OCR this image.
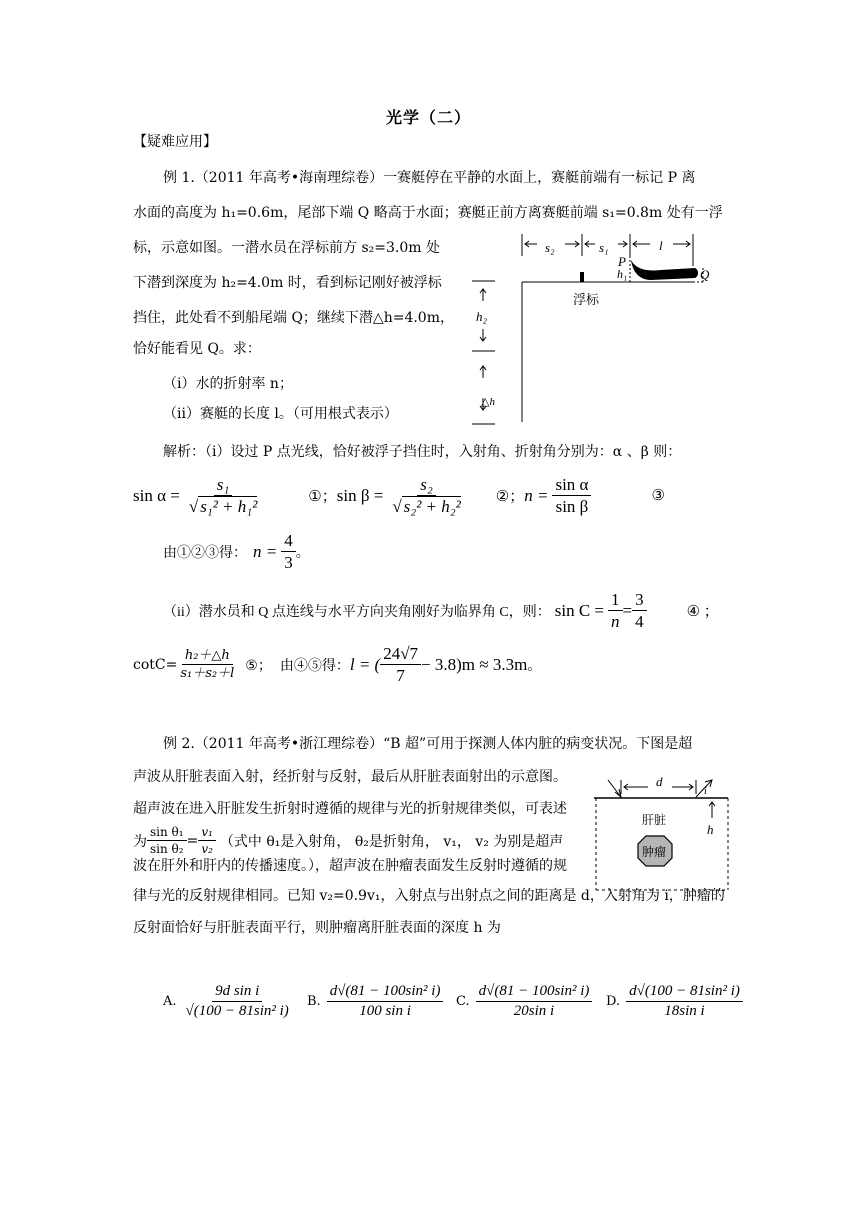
光学（二）
【疑难应用】
例 1.（2011 年高考•海南理综卷）一赛艇停在平静的水面上，赛艇前端有一标记 P 离
水面的高度为 h₁=0.6m，尾部下端 Q 略高于水面；赛艇正前方离赛艇前端 s₁=0.8m 处有一浮
标，示意如图。一潜水员在浮标前方 s₂=3.0m 处
下潜到深度为 h₂=4.0m 时，看到标记刚好被浮标
挡住，此处看不到船尾端 Q；继续下潜△h=4.0m，
恰好能看见 Q。求：
（i）水的折射率 n；
（ii）赛艇的长度 l。（可用根式表示）
s₂	s₁	l
P
h₁	Q
浮标
h₂
△h
解析：（i）设过 P 点光线，恰好被浮子挡住时，入射角、折射角分别为：α 、β 则：
$\sin \alpha = \frac{\text{s₁}}{\text{√ s₁² + h₁²}}$	①； $\sin \beta = \frac{\text{s₂}}{\text{√ s₂² + h₂²}}$ ②； $n = \frac{\text{sin α}}{\text{sin β}}$	③
由①②③得： $n = \frac{4}{3}$ 。
（ii）潜水员和 Q 点连线与水平方向夹角刚好为临界角 C，则： $\sin C = \frac{1}{n} = \frac{3}{4}$	④ ；
$\cot C= \frac{\text{h₂＋△h}}{\text{s₁＋s₂＋l}}$ ⑤； 由④⑤得： l = ( $\frac{24√7}{7} - 3.8)m \approx 3.3m$ 。
例 2.（2011 年高考•浙江理综卷）“B 超”可用于探测人体内脏的病变状况。下图是超
声波从肝脏表面入射，经折射与反射，最后从肝脏表面射出的示意图。
超声波在进入肝脏发生折射时遵循的规律与光的折射规律类似，可表述
为 $\frac{\text{sin θ₁}}{\text{sin θ₂}} = \frac{\text{v₁}}{\text{v₂}}$ （式中 θ₁是入射角， θ₂是折射角， v₁， v₂ 为别是超声
波在肝外和肝内的传播速度。），超声波在肿瘤表面发生反射时遵循的规
律与光的反射规律相同。已知 v₂=0.9v₁，入射点与出射点之间的距离是 d，入射角为 i，肿瘤的
反射面恰好与肝脏表面平行，则肿瘤离肝脏表面的深度 h 为
d
i
h
肝脏
肿瘤
A. $\frac{\text{9d sin i}}{\text{√(100 − 81sin² i)}} B$. $\frac{\text{d√(81 − 100sin² i)}}{\text{100 sin i}} C$. $\frac{\text{d√(81 − 100sin² i)}}{\text{20sin i}} D$. $\frac{\text{d√(100 − 81sin² i)}}{\text{18sin i}}$
